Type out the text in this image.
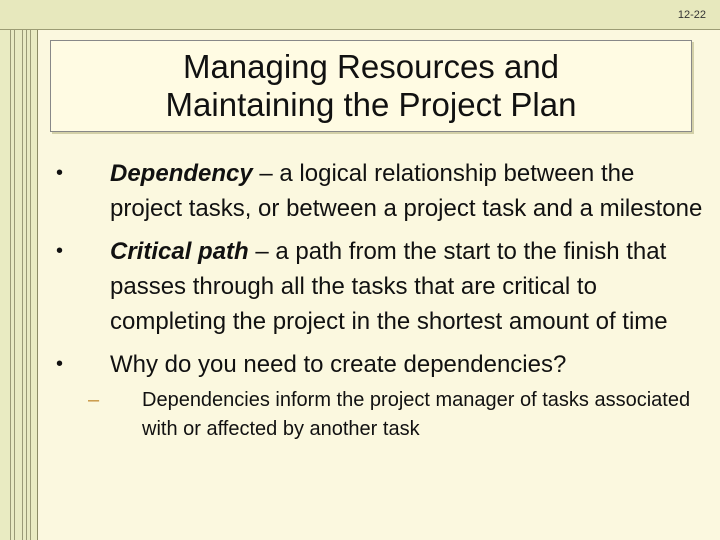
12-22
Managing Resources and
Maintaining the Project Plan
• Dependency – a logical relationship between the project tasks, or between a project task and a milestone
• Critical path – a path from the start to the finish that passes through all the tasks that are critical to completing the project in the shortest amount of time
• Why do you need to create dependencies?
–	Dependencies inform the project manager of tasks associated with or affected by another task
